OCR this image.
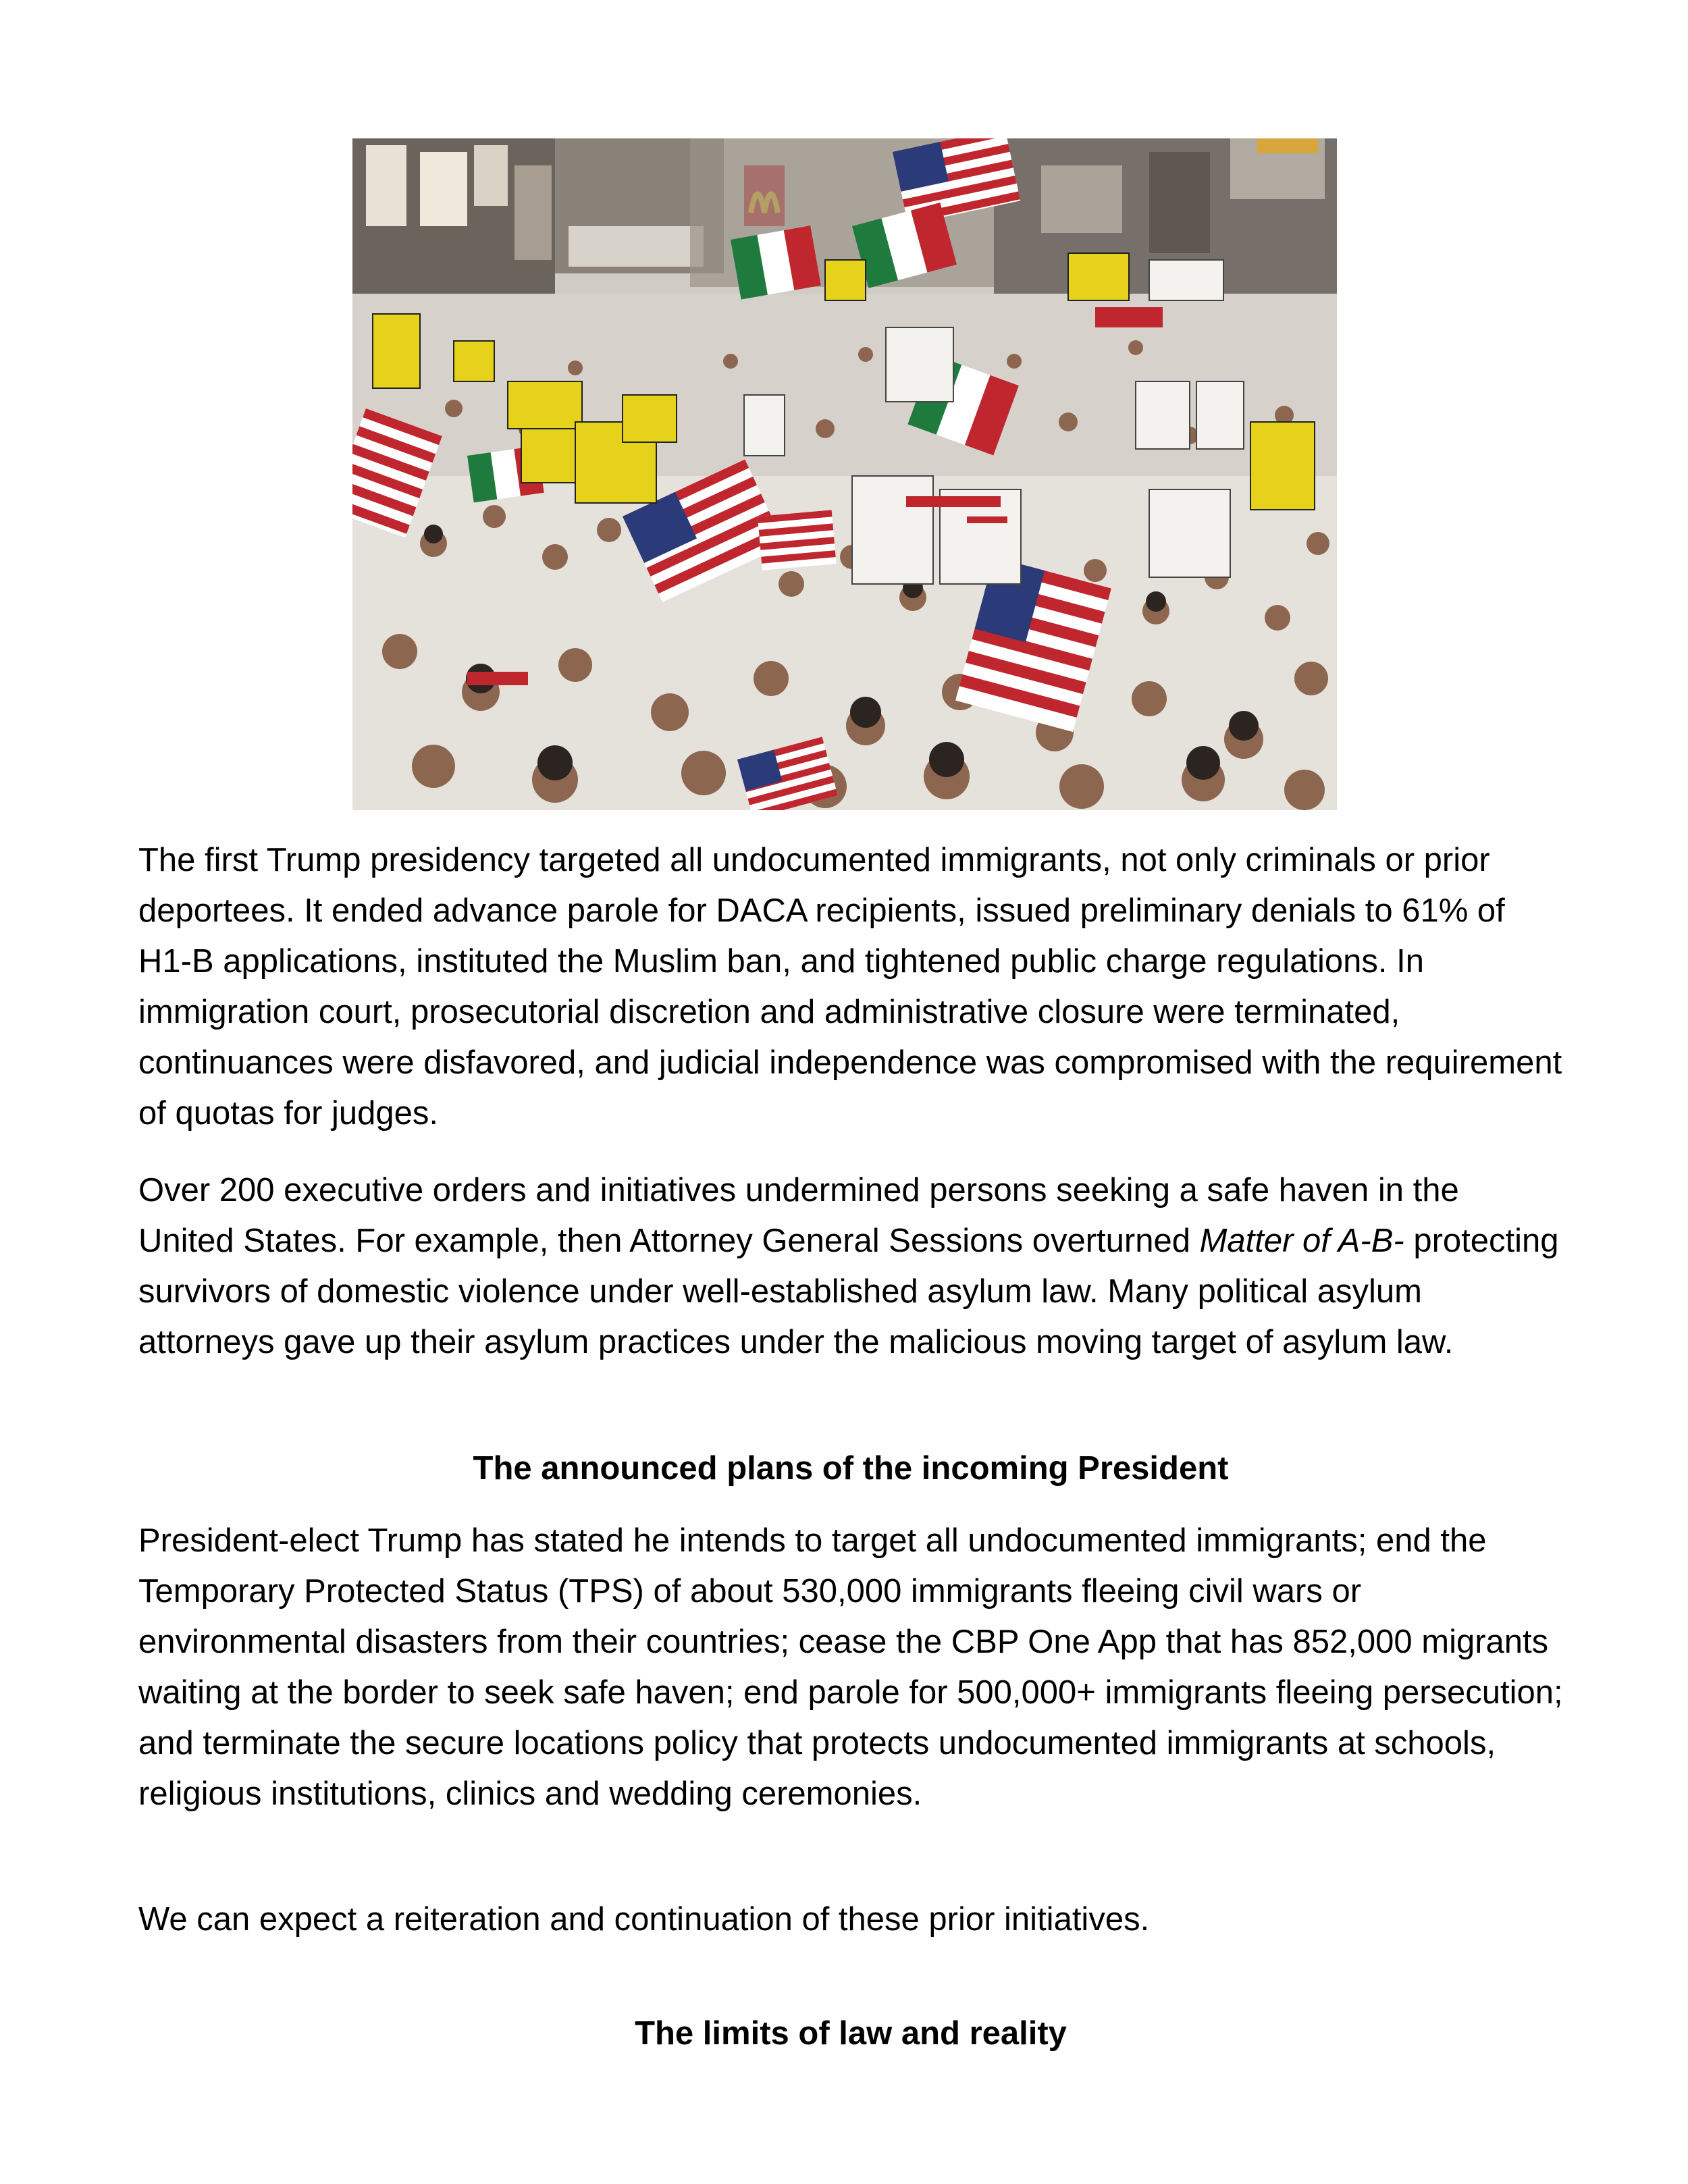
The first Trump presidency targeted all undocumented immigrants, not only criminals or prior deportees. It ended advance parole for DACA recipients, issued preliminary denials to 61% of H1-B applications, instituted the Muslim ban, and tightened public charge regulations. In immigration court, prosecutorial discretion and administrative closure were terminated, continuances were disfavored, and judicial independence was compromised with the requirement of quotas for judges.

Over 200 executive orders and initiatives undermined persons seeking a safe haven in the United States. For example, then Attorney General Sessions overturned Matter of A-B- protecting survivors of domestic violence under well-established asylum law. Many political asylum attorneys gave up their asylum practices under the malicious moving target of asylum law.

The announced plans of the incoming President

President-elect Trump has stated he intends to target all undocumented immigrants; end the Temporary Protected Status (TPS) of about 530,000 immigrants fleeing civil wars or environmental disasters from their countries; cease the CBP One App that has 852,000 migrants waiting at the border to seek safe haven; end parole for 500,000+ immigrants fleeing persecution; and terminate the secure locations policy that protects undocumented immigrants at schools, religious institutions, clinics and wedding ceremonies.

We can expect a reiteration and continuation of these prior initiatives.

The limits of law and reality
